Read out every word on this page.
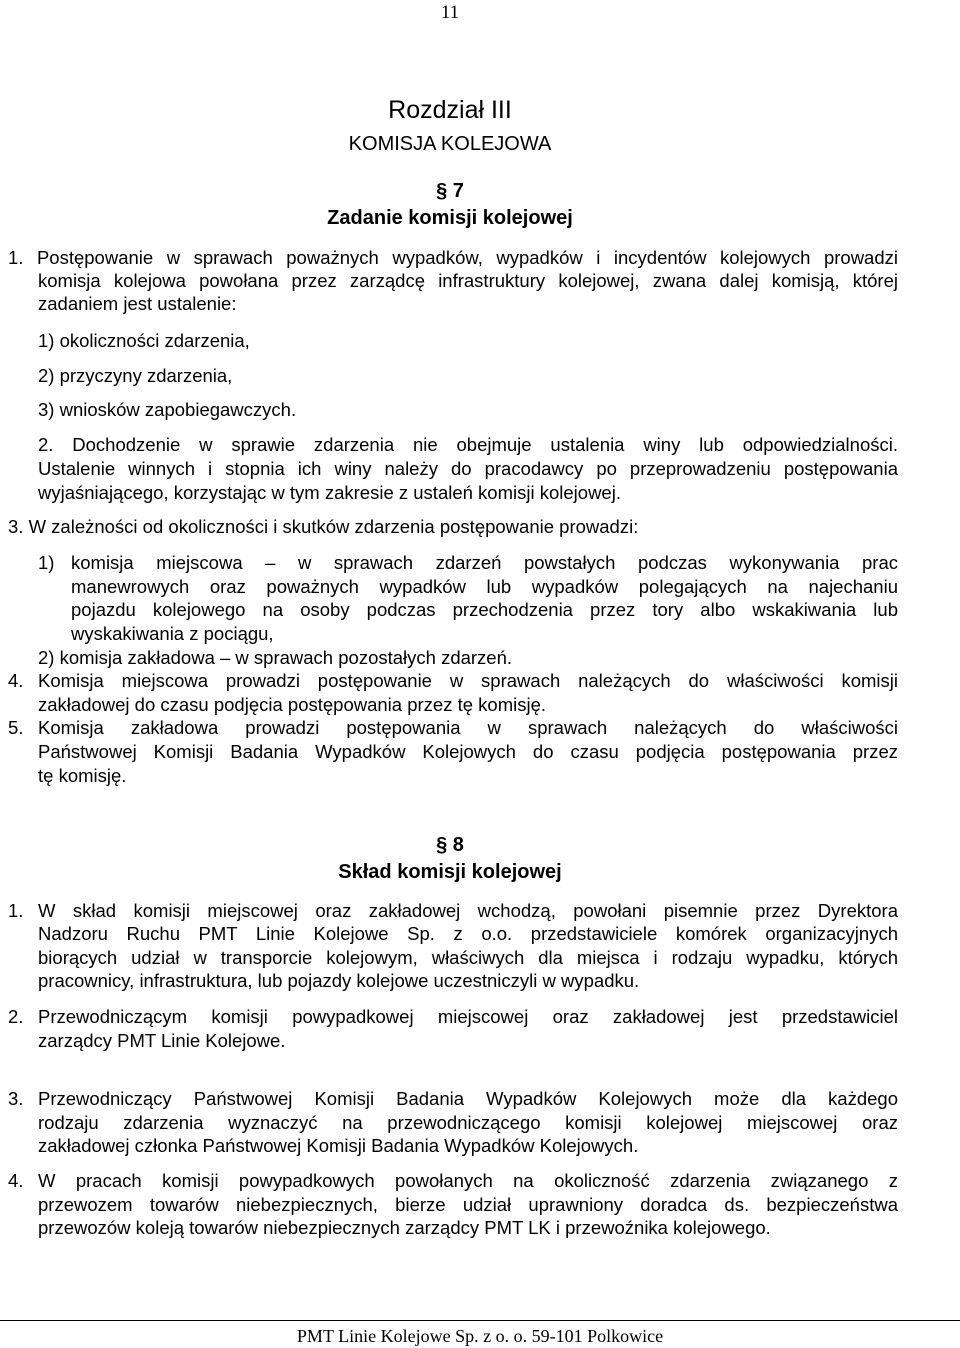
11
Rozdział III
KOMISJA KOLEJOWA
§ 7
Zadanie komisji kolejowej
1. Postępowanie w sprawach poważnych wypadków, wypadków i incydentów kolejowych prowadzi
komisja kolejowa powołana przez zarządcę infrastruktury kolejowej, zwana dalej komisją, której
zadaniem jest ustalenie:
1) okoliczności zdarzenia,
2) przyczyny zdarzenia,
3) wniosków zapobiegawczych.
2. Dochodzenie w sprawie zdarzenia nie obejmuje ustalenia winy lub odpowiedzialności.
Ustalenie winnych i stopnia ich winy należy do pracodawcy po przeprowadzeniu postępowania
wyjaśniającego, korzystając w tym zakresie z ustaleń komisji kolejowej.
3. W zależności od okoliczności i skutków zdarzenia postępowanie prowadzi:
1) komisja miejscowa – w sprawach zdarzeń powstałych podczas wykonywania prac
manewrowych oraz poważnych wypadków lub wypadków polegających na najechaniu
pojazdu kolejowego na osoby podczas przechodzenia przez tory albo wskakiwania lub
wyskakiwania z pociągu,
2) komisja zakładowa – w sprawach pozostałych zdarzeń.
4. Komisja miejscowa prowadzi postępowanie w sprawach należących do właściwości komisji
zakładowej do czasu podjęcia postępowania przez tę komisję.
5. Komisja zakładowa prowadzi postępowania w sprawach należących do właściwości
Państwowej Komisji Badania Wypadków Kolejowych do czasu podjęcia postępowania przez
tę komisję.
§ 8
Skład komisji kolejowej
1. W skład komisji miejscowej oraz zakładowej wchodzą, powołani pisemnie przez Dyrektora
Nadzoru Ruchu PMT Linie Kolejowe Sp. z o.o. przedstawiciele komórek organizacyjnych
biorących udział w transporcie kolejowym, właściwych dla miejsca i rodzaju wypadku, których
pracownicy, infrastruktura, lub pojazdy kolejowe uczestniczyli w wypadku.
2. Przewodniczącym komisji powypadkowej miejscowej oraz zakładowej jest przedstawiciel
zarządcy PMT Linie Kolejowe.
3. Przewodniczący Państwowej Komisji Badania Wypadków Kolejowych może dla każdego
rodzaju zdarzenia wyznaczyć na przewodniczącego komisji kolejowej miejscowej oraz
zakładowej członka Państwowej Komisji Badania Wypadków Kolejowych.
4. W pracach komisji powypadkowych powołanych na okoliczność zdarzenia związanego z
przewozem towarów niebezpiecznych, bierze udział uprawniony doradca ds. bezpieczeństwa
przewozów koleją towarów niebezpiecznych zarządcy PMT LK i przewoźnika kolejowego.
PMT Linie Kolejowe Sp. z o. o. 59-101 Polkowice
